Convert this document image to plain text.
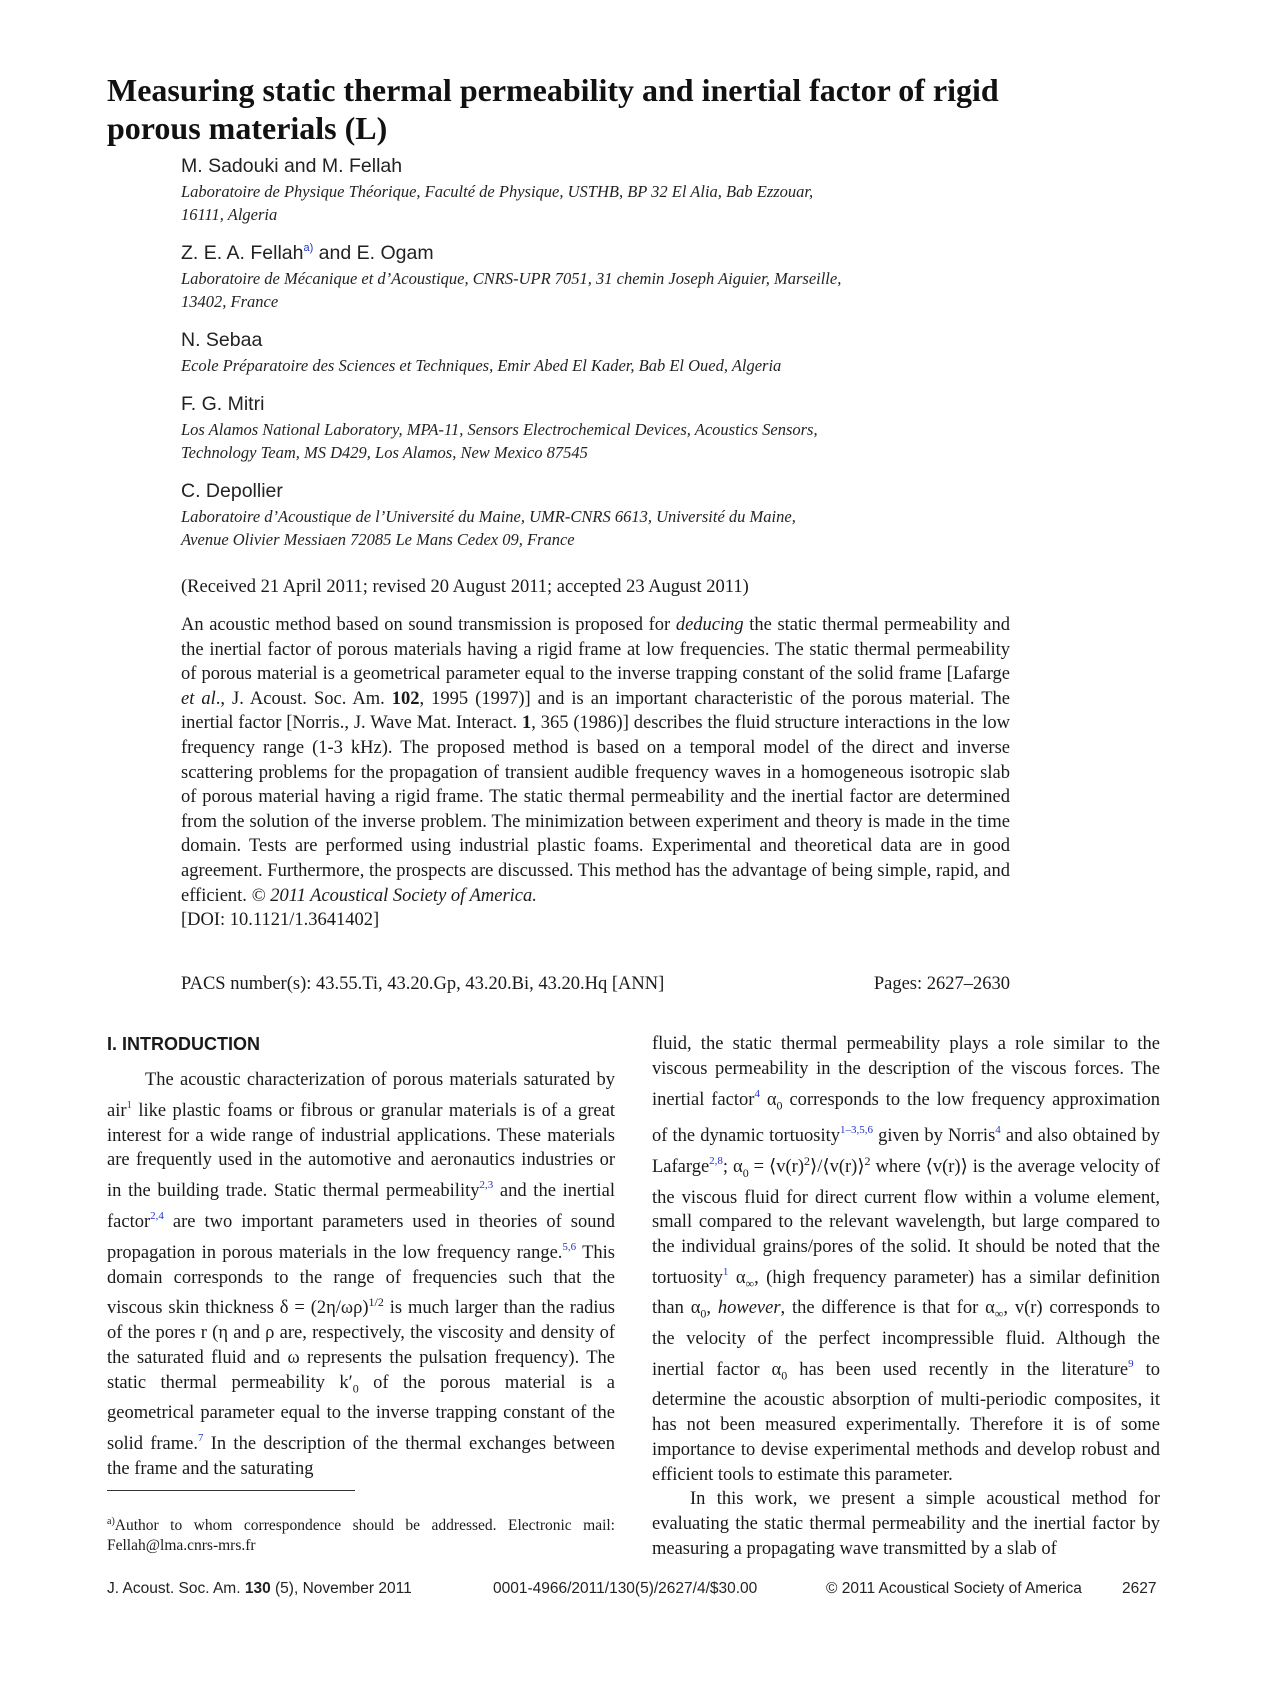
Measuring static thermal permeability and inertial factor of rigid
porous materials (L)
M. Sadouki and M. Fellah
Laboratoire de Physique Théorique, Faculté de Physique, USTHB, BP 32 El Alia, Bab Ezzouar,
16111, Algeria
Z. E. A. Fellah$^{a)}$ and E. Ogam
Laboratoire de Mécanique et d’Acoustique, CNRS-UPR 7051, 31 chemin Joseph Aiguier, Marseille,
13402, France
N. Sebaa
Ecole Préparatoire des Sciences et Techniques, Emir Abed El Kader, Bab El Oued, Algeria
F. G. Mitri
Los Alamos National Laboratory, MPA-11, Sensors Electrochemical Devices, Acoustics Sensors,
Technology Team, MS D429, Los Alamos, New Mexico 87545
C. Depollier
Laboratoire d’Acoustique de l’Université du Maine, UMR-CNRS 6613, Université du Maine,
Avenue Olivier Messiaen 72085 Le Mans Cedex 09, France
(Received 21 April 2011; revised 20 August 2011; accepted 23 August 2011)
An acoustic method based on sound transmission is proposed for deducing the static thermal permeability and the inertial factor of porous materials having a rigid frame at low frequencies. The static thermal permeability of porous material is a geometrical parameter equal to the inverse trapping constant of the solid frame [Lafarge et al., J. Acoust. Soc. Am. 102, 1995 (1997)] and is an important characteristic of the porous material. The inertial factor [Norris., J. Wave Mat. Interact. 1, 365 (1986)] describes the fluid structure interactions in the low frequency range (1-3 kHz). The proposed method is based on a temporal model of the direct and inverse scattering problems for the propagation of transient audible frequency waves in a homogeneous isotropic slab of porous material having a rigid frame. The static thermal permeability and the inertial factor are determined from the solution of the inverse problem. The minimization between experiment and theory is made in the time domain. Tests are performed using industrial plastic foams. Experimental and theoretical data are in good agreement. Furthermore, the prospects are discussed. This method has the advantage of being simple, rapid, and efficient. © 2011 Acoustical Society of America.
[DOI: 10.1121/1.3641402]
PACS number(s): 43.55.Ti, 43.20.Gp, 43.20.Bi, 43.20.Hq [ANN]	Pages: 2627–2630
I. INTRODUCTION

The acoustic characterization of porous materials saturated by air$^1$ like plastic foams or fibrous or granular materials is of a great interest for a wide range of industrial applications. These materials are frequently used in the automotive and aeronautics industries or in the building trade. Static thermal permeability$^{2,3}$ and the inertial factor$^{2,4}$ are two important parameters used in theories of sound propagation in porous materials in the low frequency range.$^{5,6}$ This domain corresponds to the range of frequencies such that the viscous skin thickness $\delta = (2\eta/\omega\rho)^{1/2}$ is much larger than the radius of the pores r (η and ρ are, respectively, the viscosity and density of the saturated fluid and ω represents the pulsation frequency). The static thermal permeability $k'_0$ of the porous material is a geometrical parameter equal to the inverse trapping constant of the solid frame.$^7$ In the description of the thermal exchanges between the frame and the saturating

fluid, the static thermal permeability plays a role similar to the viscous permeability in the description of the viscous forces. The inertial factor$^4$ $\alpha_0$ corresponds to the low frequency approximation of the dynamic tortuosity$^{1-3,5,6}$ given by Norris$^4$ and also obtained by Lafarge$^{2,8}$; $\alpha_0$ = $⟨v(r)^2⟩/⟨v(r)⟩^2$ where ⟨v(r)⟩ is the average velocity of the viscous fluid for direct current flow within a volume element, small compared to the relevant wavelength, but large compared to the individual grains/pores of the solid. It should be noted that the tortuosity$^1$ $\alpha_\infty$, (high frequency parameter) has a similar definition than $\alpha_0$, however, the difference is that for $\alpha_\infty$, v(r) corresponds to the velocity of the perfect incompressible fluid. Although the inertial factor $\alpha_0$ has been used recently in the literature$^9$ to determine the acoustic absorption of multi-periodic composites, it has not been measured experimentally. Therefore it is of some importance to devise experimental methods and develop robust and efficient tools to estimate this parameter.

In this work, we present a simple acoustical method for evaluating the static thermal permeability and the inertial factor by measuring a propagating wave transmitted by a slab of

$^{a)}$Author to whom correspondence should be addressed. Electronic mail: Fellah@lma.cnrs-mrs.fr
J. Acoust. Soc. Am. 130 (5), November 2011	0001-4966/2011/130(5)/2627/4/$30.00	© 2011 Acoustical Society of America	2627
